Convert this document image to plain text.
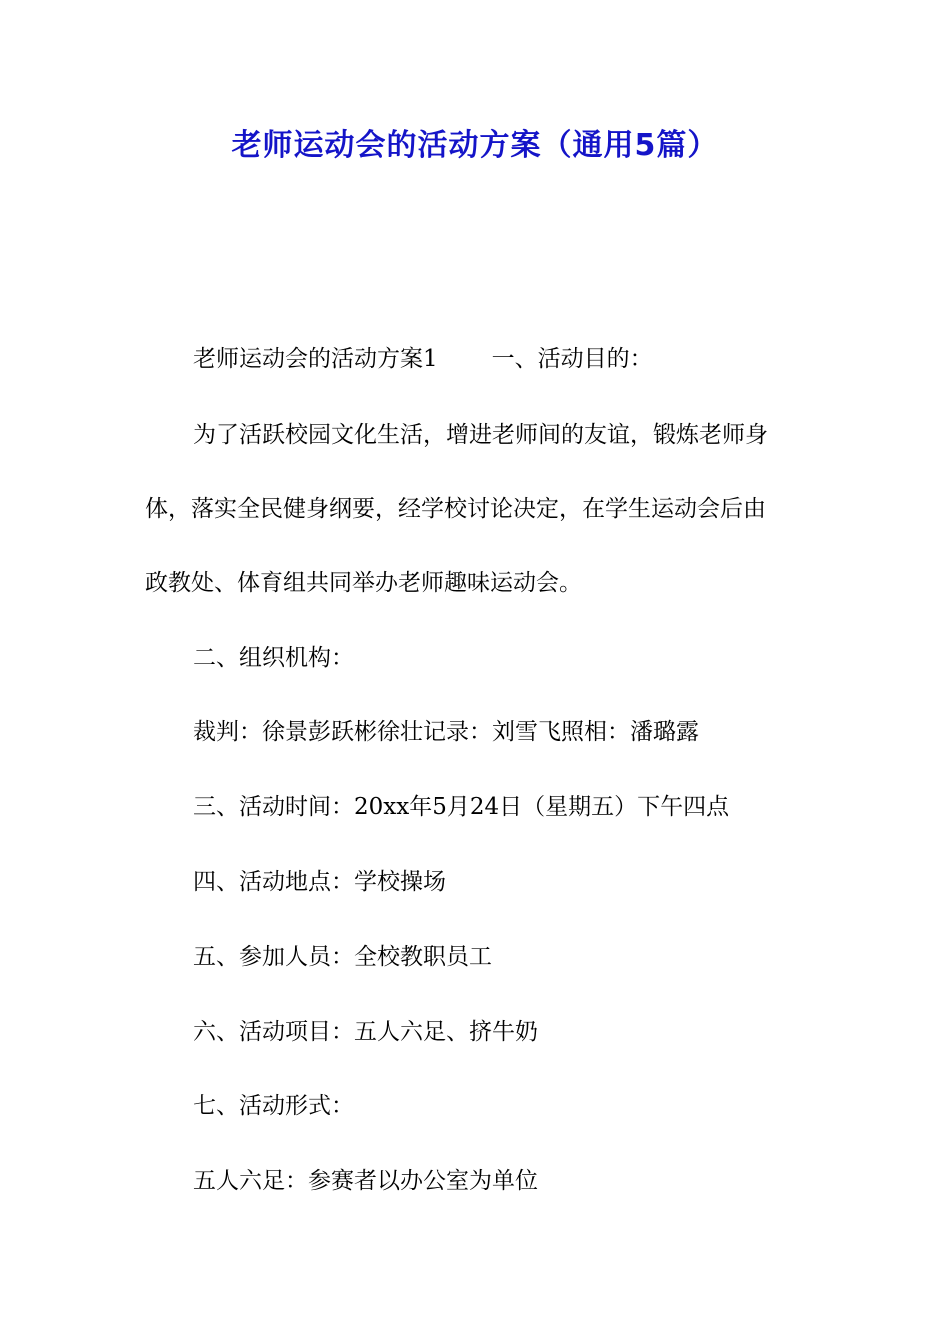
老师运动会的活动方案（通用5篇）
老师运动会的活动方案1 一、活动目的：
为了活跃校园文化生活，增进老师间的友谊，锻炼老师身
体，落实全民健身纲要，经学校讨论决定，在学生运动会后由
政教处、体育组共同举办老师趣味运动会。
二、组织机构：
裁判：徐景彭跃彬徐壮记录：刘雪飞照相：潘璐露
三、活动时间：20xx年5月24日（星期五）下午四点
四、活动地点：学校操场
五、参加人员：全校教职员工
六、活动项目：五人六足、挤牛奶
七、活动形式：
五人六足：参赛者以办公室为单位
